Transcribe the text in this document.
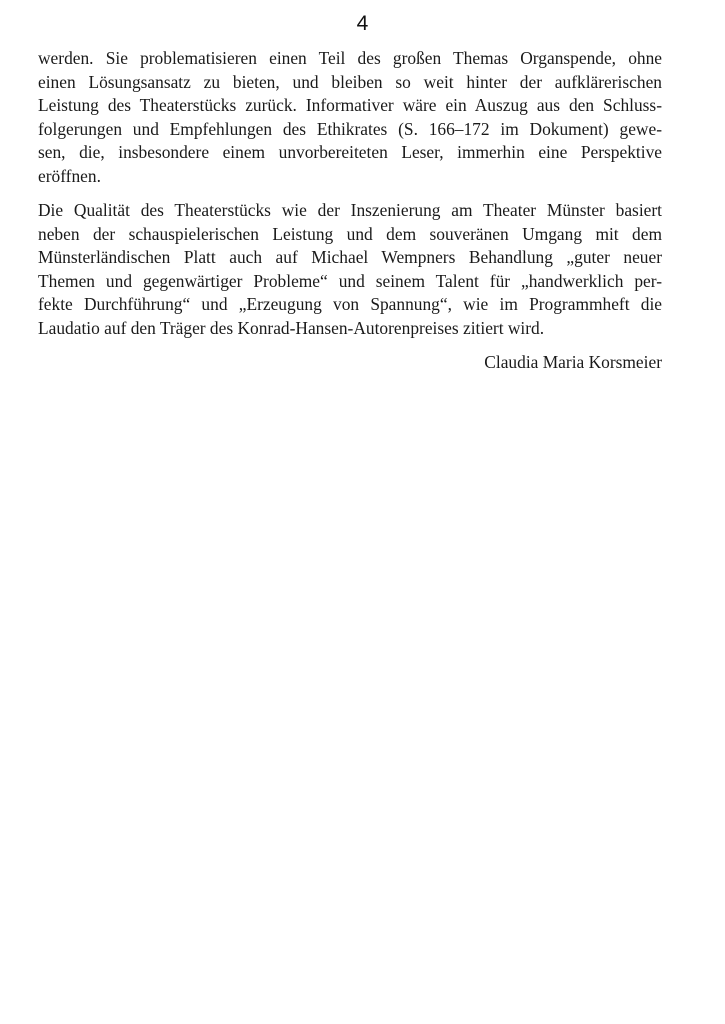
4
werden. Sie problematisieren einen Teil des großen Themas Organspende, ohne
einen Lösungsansatz zu bieten, und bleiben so weit hinter der aufklärerischen
Leistung des Theaterstücks zurück. Informativer wäre ein Auszug aus den Schluss-
folgerungen und Empfehlungen des Ethikrates (S. 166–172 im Dokument) gewe-
sen, die, insbesondere einem unvorbereiteten Leser, immerhin eine Perspektive
eröffnen.
Die Qualität des Theaterstücks wie der Inszenierung am Theater Münster basiert
neben der schauspielerischen Leistung und dem souveränen Umgang mit dem
Münsterländischen Platt auch auf Michael Wempners Behandlung „guter neuer
Themen und gegenwärtiger Probleme“ und seinem Talent für „handwerklich per-
fekte Durchführung“ und „Erzeugung von Spannung“, wie im Programmheft die
Laudatio auf den Träger des Konrad-Hansen-Autorenpreises zitiert wird.
Claudia Maria Korsmeier
